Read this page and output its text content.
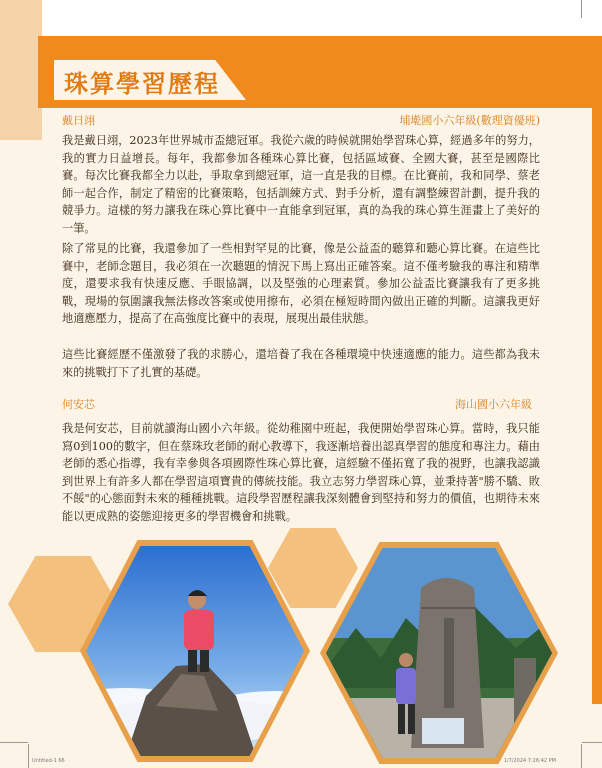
珠算學習歷程
戴日翊	埔墘國小六年級(數理資優班)

我是戴日翊，2023年世界城市盃總冠軍。我從六歲的時候就開始學習珠心算，經過多年的努力，我的實力日益增長。每年，我都參加各種珠心算比賽，包括區域賽、全國大賽，甚至是國際比賽。每次比賽我都全力以赴，爭取拿到總冠軍，這一直是我的目標。在比賽前，我和同學、蔡老師一起合作，制定了精密的比賽策略，包括訓練方式、對手分析，還有調整練習計劃，提升我的競爭力。這樣的努力讓我在珠心算比賽中一直能拿到冠軍，真的為我的珠心算生涯畫上了美好的一筆。

除了常見的比賽，我還參加了一些相對罕見的比賽，像是公益盃的聽算和聽心算比賽。在這些比賽中，老師念題目，我必須在一次聽題的情況下馬上寫出正確答案。這不僅考驗我的專注和精準度，還要求我有快速反應、手眼協調，以及堅強的心理素質。參加公益盃比賽讓我有了更多挑戰，現場的氛圍讓我無法修改答案或使用擦布，必須在極短時間內做出正確的判斷。這讓我更好地適應壓力，提高了在高強度比賽中的表現，展現出最佳狀態。

這些比賽經歷不僅激發了我的求勝心，還培養了我在各種環境中快速適應的能力。這些都為我未來的挑戰打下了扎實的基礎。

何安芯	海山國小六年級

我是何安芯，目前就讀海山國小六年級。從幼稚園中班起，我便開始學習珠心算。當時，我只能寫0到100的數字，但在蔡珠玫老師的耐心教導下，我逐漸培養出認真學習的態度和專注力。藉由老師的悉心指導，我有幸參與各項國際性珠心算比賽，這經驗不僅拓寬了我的視野，也讓我認識到世界上有許多人都在學習這項寶貴的傳統技能。我立志努力學習珠心算，並秉持著"勝不驕、敗不餒"的心態面對未來的種種挑戰。這段學習歷程讓我深刻體會到堅持和努力的價值，也期待未來能以更成熟的姿態迎接更多的學習機會和挑戰。

Untitled-1 66	1/7/2024 7:26:42 PM
